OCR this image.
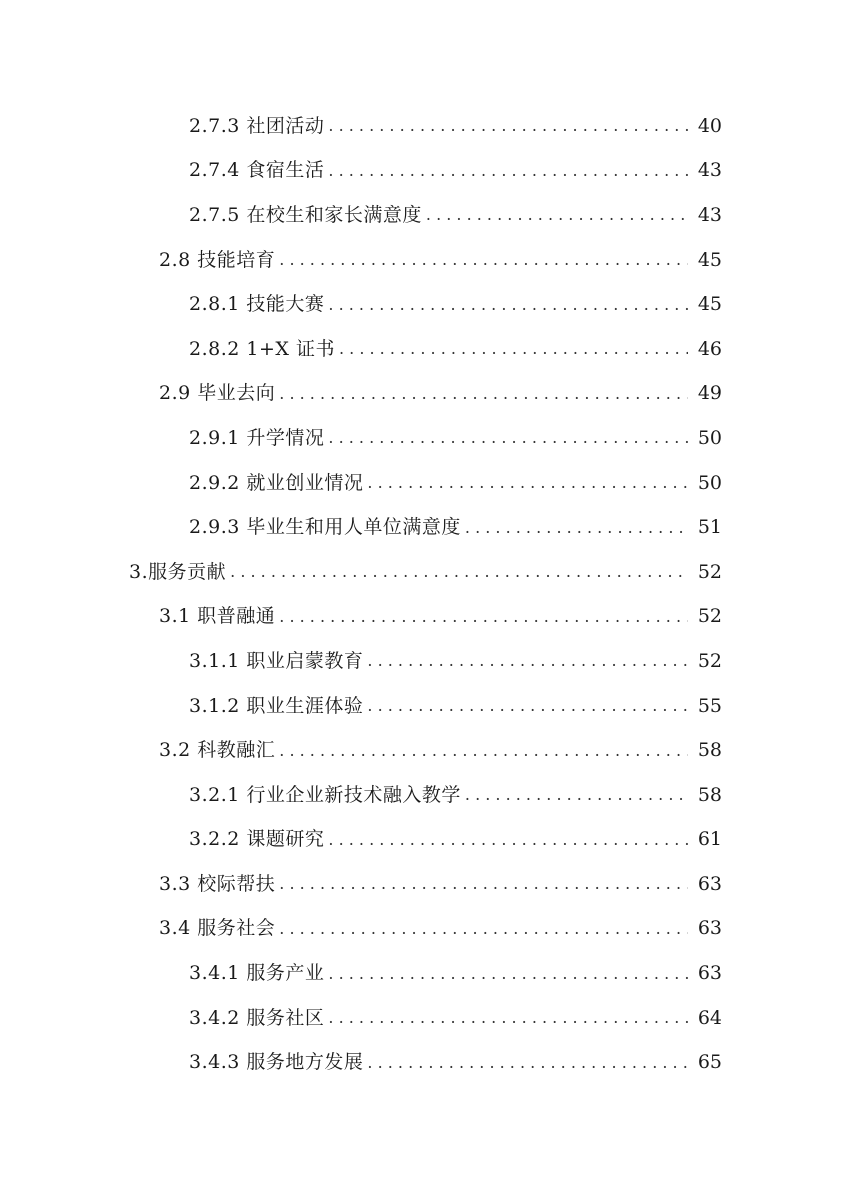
2.7.3 社团活动 . . .	40
2.7.4 食宿生活 . . .	43
2.7.5 在校生和家长满意度 . . .	43
2.8 技能培育 . . .	45
2.8.1 技能大赛 . . .	45
2.8.2 1+X 证书 . . .	46
2.9 毕业去向 . . .	49
2.9.1 升学情况 . . .	50
2.9.2 就业创业情况 . . .	50
2.9.3 毕业生和用人单位满意度 . . .	51
3.服务贡献 . . .	52
3.1 职普融通 . . .	52
3.1.1 职业启蒙教育 . . .	52
3.1.2 职业生涯体验 . . .	55
3.2 科教融汇 . . .	58
3.2.1 行业企业新技术融入教学 . . .	58
3.2.2 课题研究 . . .	61
3.3 校际帮扶 . . .	63
3.4 服务社会 . . .	63
3.4.1 服务产业 . . .	63
3.4.2 服务社区 . . .	64
3.4.3 服务地方发展 . . .	65
